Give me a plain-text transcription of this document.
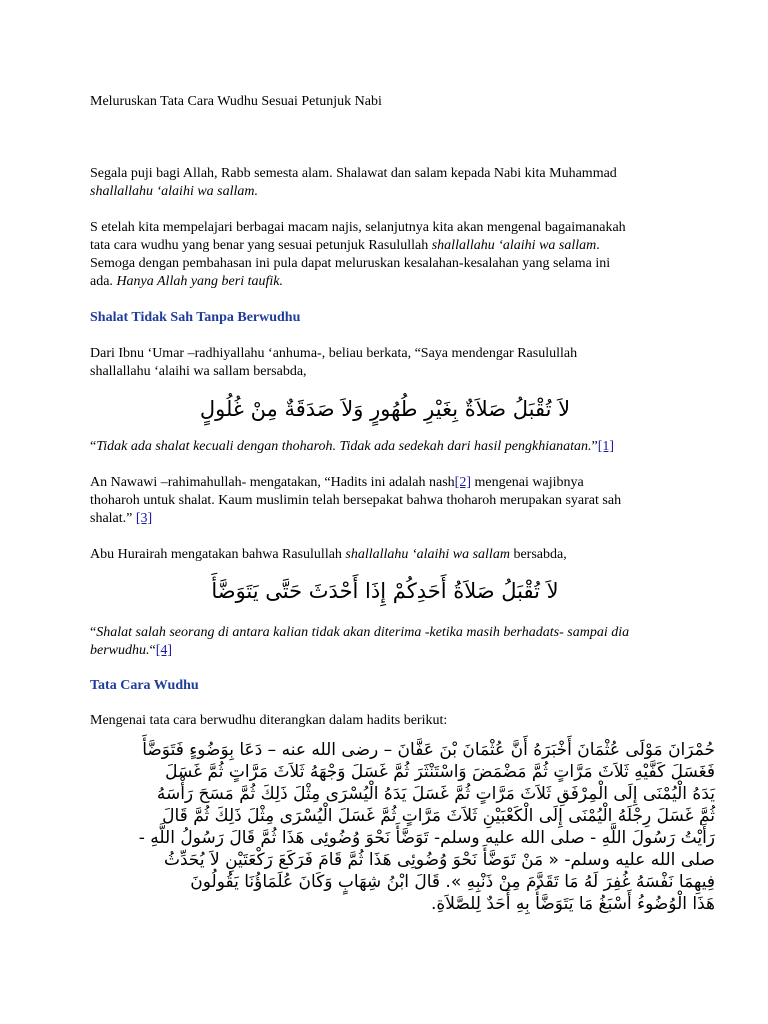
Meluruskan Tata Cara Wudhu Sesuai Petunjuk Nabi
Segala puji bagi Allah, Rabb semesta alam. Shalawat dan salam kepada Nabi kita Muhammad
shallallahu ‘alaihi wa sallam.
S etelah kita mempelajari berbagai macam najis, selanjutnya kita akan mengenal bagaimanakah
tata cara wudhu yang benar yang sesuai petunjuk Rasulullah shallallahu ‘alaihi wa sallam.
Semoga dengan pembahasan ini pula dapat meluruskan kesalahan-kesalahan yang selama ini
ada. Hanya Allah yang beri taufik.
Shalat Tidak Sah Tanpa Berwudhu
Dari Ibnu ‘Umar –radhiyallahu ‘anhuma-, beliau berkata, “Saya mendengar Rasulullah
shallallahu ‘alaihi wa sallam bersabda,
لاَ تُقْبَلُ صَلاَةٌ بِغَيْرِ طُهُورٍ وَلاَ صَدَقَةٌ مِنْ غُلُولٍ
“Tidak ada shalat kecuali dengan thoharoh. Tidak ada sedekah dari hasil pengkhianatan.”[1]
An Nawawi –rahimahullah- mengatakan, “Hadits ini adalah nash[2] mengenai wajibnya
thoharoh untuk shalat. Kaum muslimin telah bersepakat bahwa thoharoh merupakan syarat sah
shalat.” [3]
Abu Hurairah mengatakan bahwa Rasulullah shallallahu ‘alaihi wa sallam bersabda,
لاَ تُقْبَلُ صَلاَةُ أَحَدِكُمْ إِذَا أَحْدَثَ حَتَّى يَتَوَضَّأَ
“Shalat salah seorang di antara kalian tidak akan diterima -ketika masih berhadats- sampai dia
berwudhu.“[4]
Tata Cara Wudhu
Mengenai tata cara berwudhu diterangkan dalam hadits berikut:
حُمْرَانَ مَوْلَى عُثْمَانَ أَخْبَرَهُ أَنَّ عُثْمَانَ بْنَ عَفَّانَ – رضى الله عنه – دَعَا بِوَضُوءٍ فَتَوَضَّأَ
فَغَسَلَ كَفَّيْهِ ثَلاَثَ مَرَّاتٍ ثُمَّ مَضْمَضَ وَاسْتَنْثَرَ ثُمَّ غَسَلَ وَجْهَهُ ثَلاَثَ مَرَّاتٍ ثُمَّ غَسَلَ
يَدَهُ الْيُمْنَى إِلَى الْمِرْفَقِ ثَلاَثَ مَرَّاتٍ ثُمَّ غَسَلَ يَدَهُ الْيُسْرَى مِثْلَ ذَلِكَ ثُمَّ مَسَحَ رَأْسَهُ
ثُمَّ غَسَلَ رِجْلَهُ الْيُمْنَى إِلَى الْكَعْبَيْنِ ثَلاَثَ مَرَّاتٍ ثُمَّ غَسَلَ الْيُسْرَى مِثْلَ ذَلِكَ ثُمَّ قَالَ
رَأَيْتُ رَسُولَ اللَّهِ - صلى الله عليه وسلم- تَوَضَّأَ نَحْوَ وُضُوئِى هَذَا ثُمَّ قَالَ رَسُولُ اللَّهِ -
صلى الله عليه وسلم- « مَنْ تَوَضَّأَ نَحْوَ وُضُوئِى هَذَا ثُمَّ قَامَ فَرَكَعَ رَكْعَتَيْنِ لاَ يُحَدِّثُ
فِيهِمَا نَفْسَهُ غُفِرَ لَهُ مَا تَقَدَّمَ مِنْ ذَنْبِهِ ». قَالَ ابْنُ شِهَابٍ وَكَانَ عُلَمَاؤُنَا يَقُولُونَ
هَذَا الْوُضُوءُ أَسْبَغُ مَا يَتَوَضَّأُ بِهِ أَحَدٌ لِلصَّلاَةِ.
